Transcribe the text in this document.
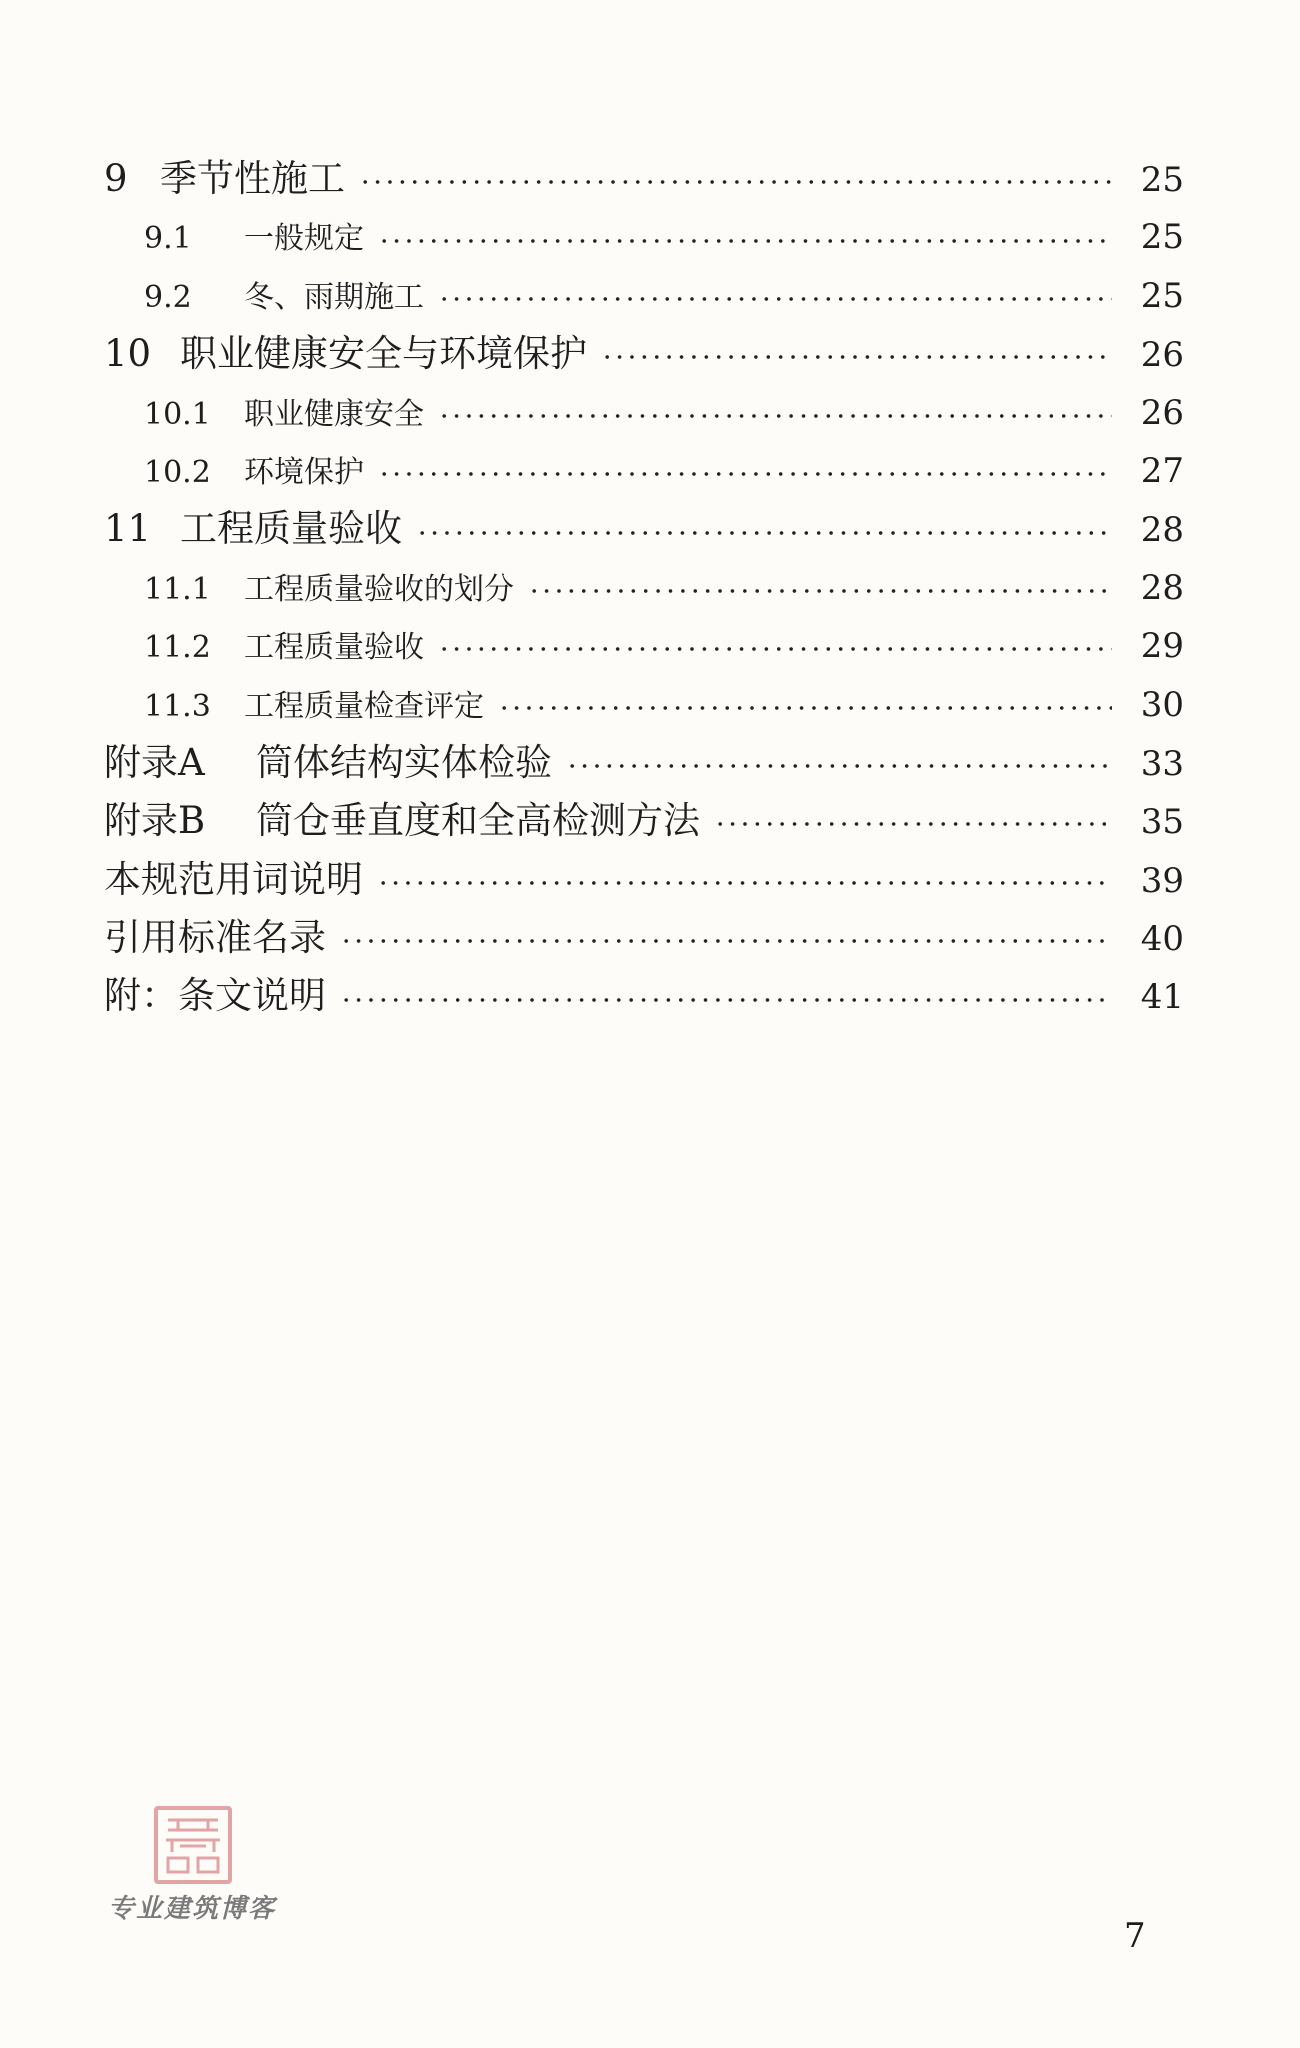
9 季节性施工	25
9.1	一般规定	25
9.2	冬、雨期施工	25
10 职业健康安全与环境保护	26
10.1	职业健康安全	26
10.2	环境保护	27
11 工程质量验收	28
11.1	工程质量验收的划分	28
11.2	工程质量验收	29
11.3	工程质量检查评定	30
附录A	筒体结构实体检验	33
附录B	筒仓垂直度和全高检测方法	35
本规范用词说明	39
引用标准名录	40
附：条文说明	41
专业建筑博客
7
